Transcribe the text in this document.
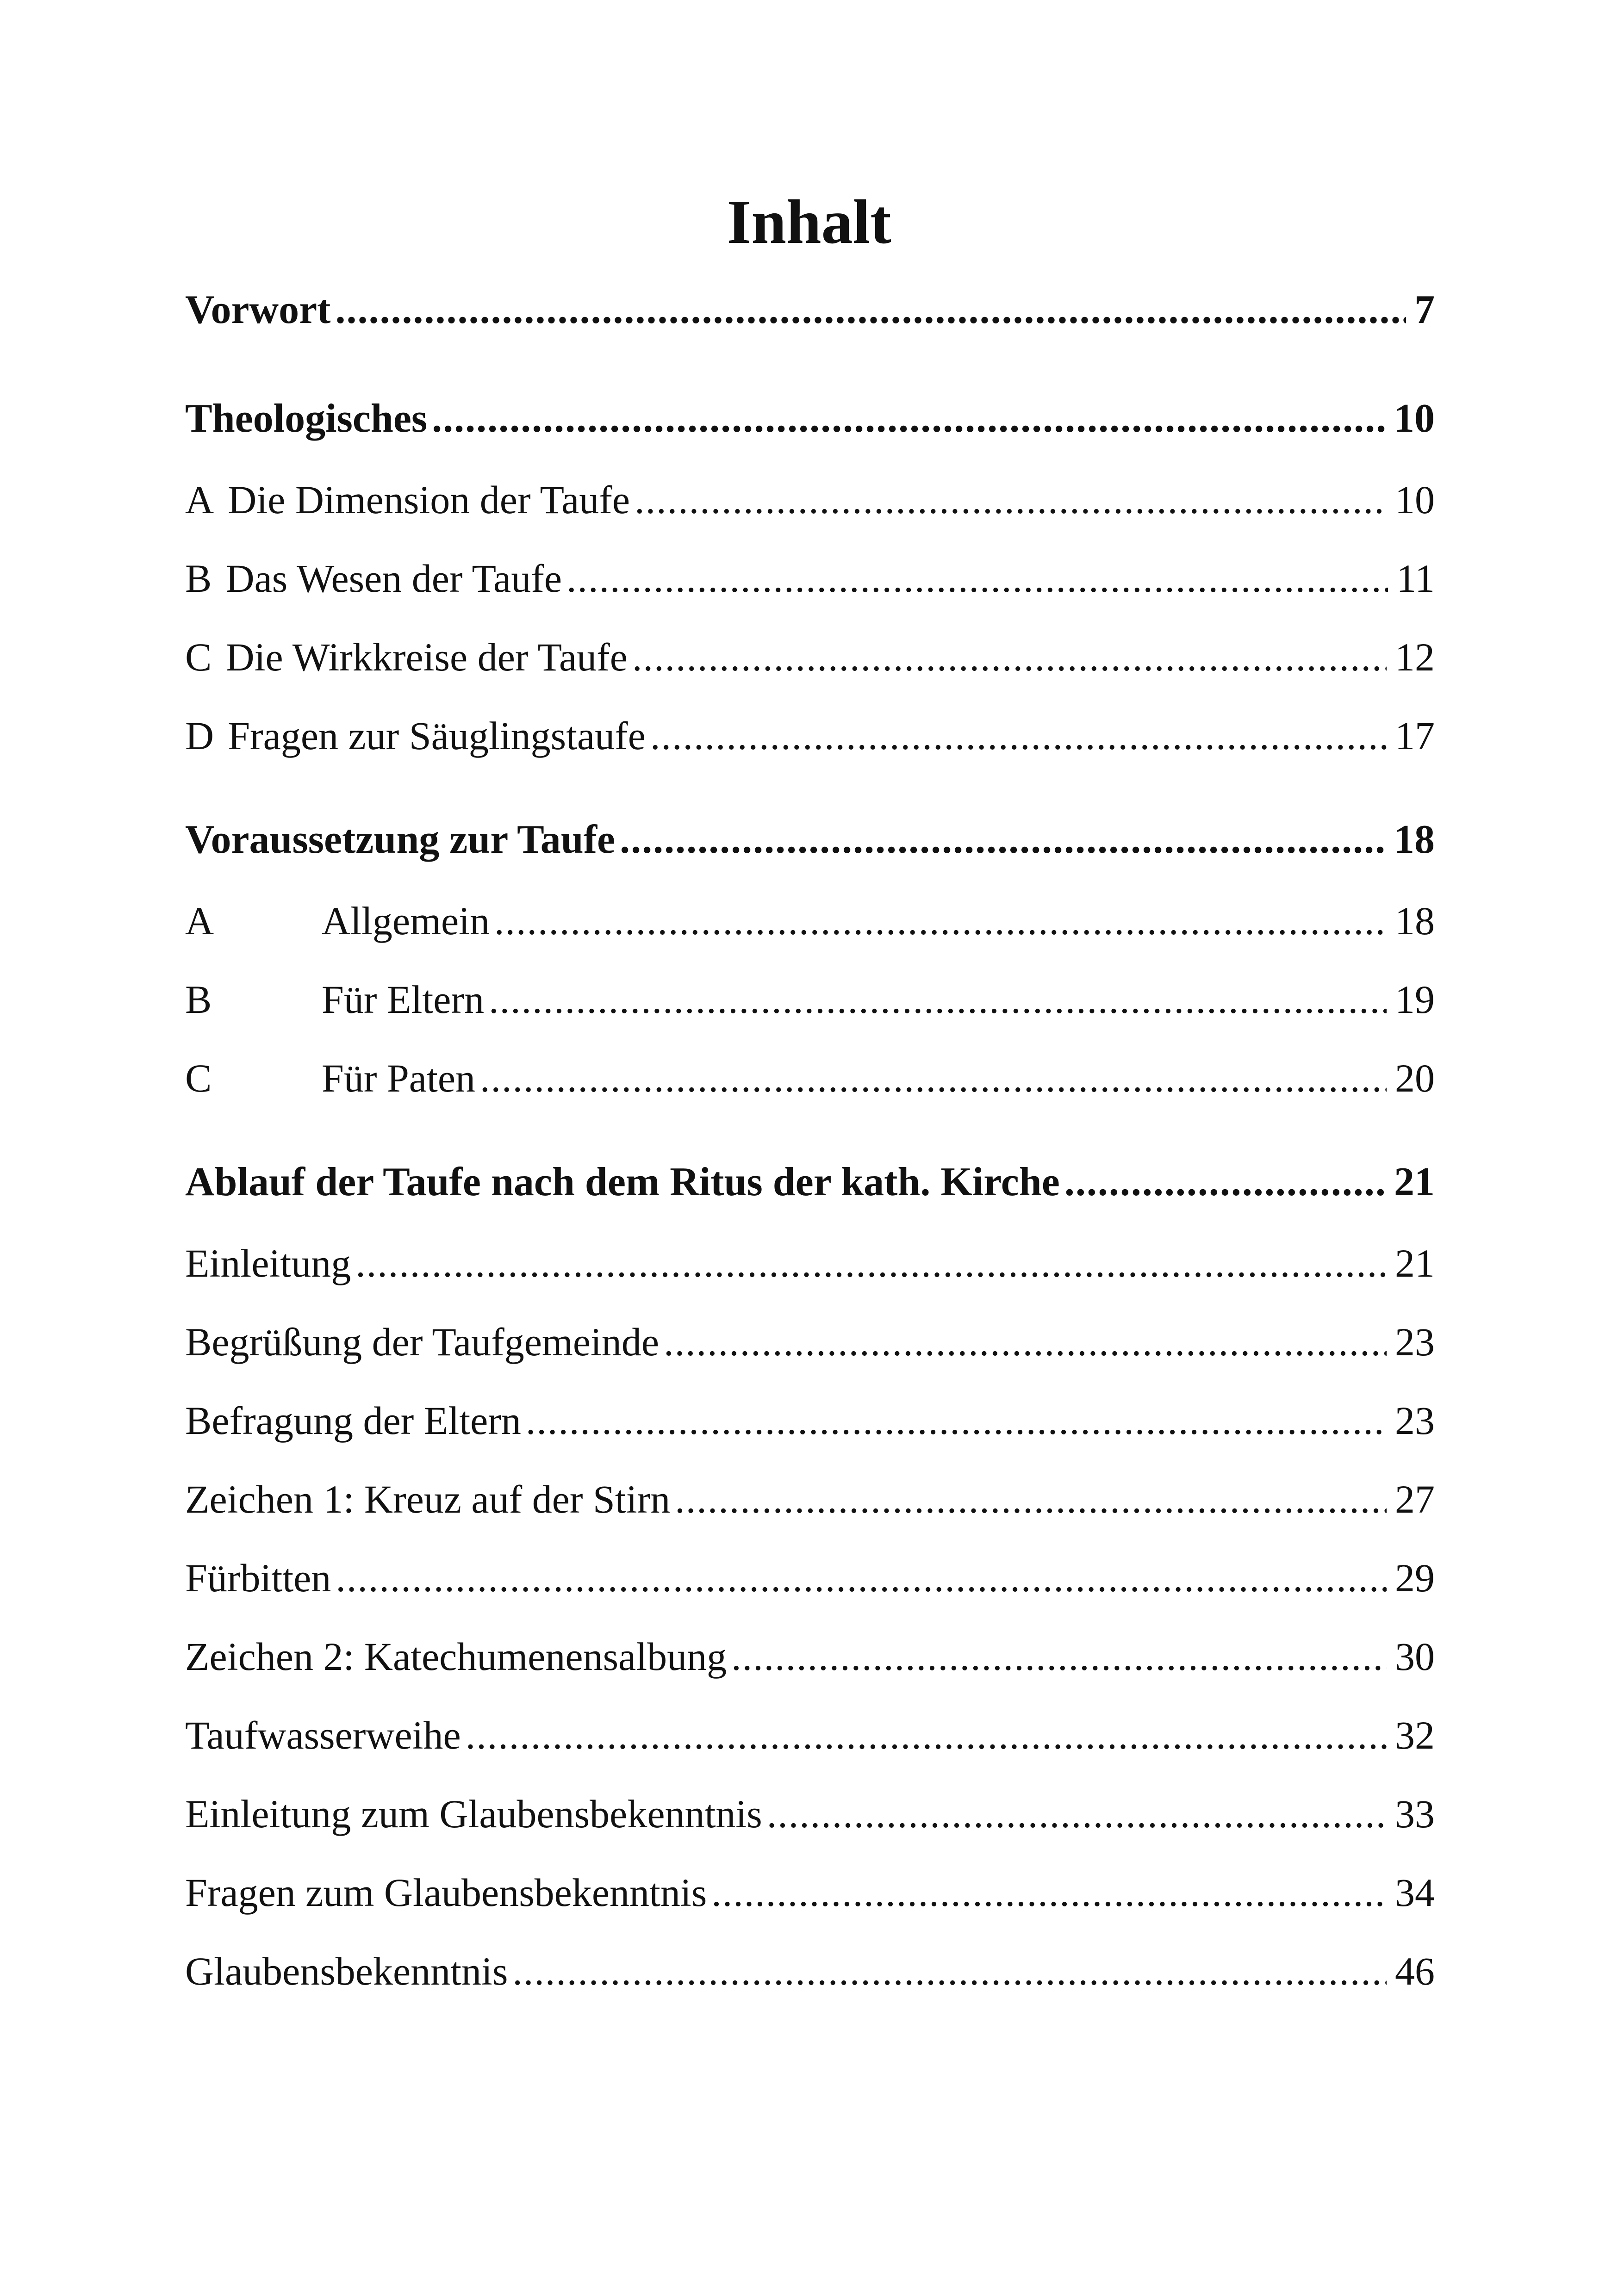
Inhalt
Vorwort .....	7
Theologisches .....	10
A Die Dimension der Taufe .....	10
B Das Wesen der Taufe .....	11
C Die Wirkkreise der Taufe .....	12
D Fragen zur Säuglingstaufe .....	17
Voraussetzung zur Taufe .....	18
A	Allgemein .....	18
B	Für Eltern .....	19
C	Für Paten .....	20
Ablauf der Taufe nach dem Ritus der kath. Kirche .....	21
Einleitung .....	21
Begrüßung der Taufgemeinde .....	23
Befragung der Eltern .....	23
Zeichen 1: Kreuz auf der Stirn .....	27
Fürbitten .....	29
Zeichen 2: Katechumenensalbung .....	30
Taufwasserweihe .....	32
Einleitung zum Glaubensbekenntnis .....	33
Fragen zum Glaubensbekenntnis .....	34
Glaubensbekenntnis .....	46
